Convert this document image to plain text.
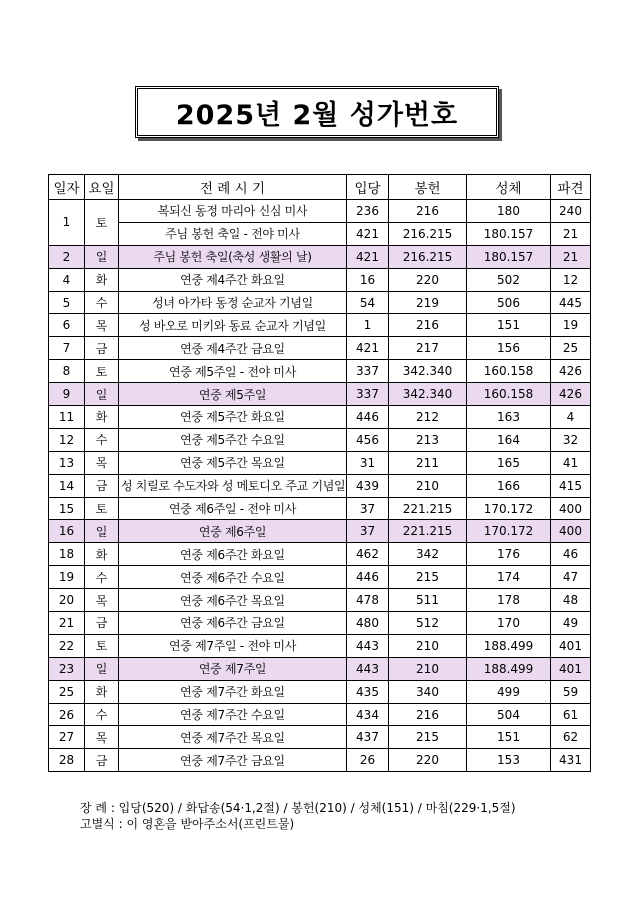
2025년 2월 성가번호
일자	요일	전 례 시 기	입당	봉헌	성체	파견
1	토	복되신 동정 마리아 신심 미사	236	216	180	240
		주님 봉헌 축일 - 전야 미사	421	216.215	180.157	21
2	일	주님 봉헌 축일(축성 생활의 날)	421	216.215	180.157	21
4	화	연중 제4주간 화요일	16	220	502	12
5	수	성녀 아가타 동정 순교자 기념일	54	219	506	445
6	목	성 바오로 미키와 동료 순교자 기념일	1	216	151	19
7	금	연중 제4주간 금요일	421	217	156	25
8	토	연중 제5주일 - 전야 미사	337	342.340	160.158	426
9	일	연중 제5주일	337	342.340	160.158	426
11	화	연중 제5주간 화요일	446	212	163	4
12	수	연중 제5주간 수요일	456	213	164	32
13	목	연중 제5주간 목요일	31	211	165	41
14	금	성 치릴로 수도자와 성 메토디오 주교 기념일	439	210	166	415
15	토	연중 제6주일 - 전야 미사	37	221.215	170.172	400
16	일	연중 제6주일	37	221.215	170.172	400
18	화	연중 제6주간 화요일	462	342	176	46
19	수	연중 제6주간 수요일	446	215	174	47
20	목	연중 제6주간 목요일	478	511	178	48
21	금	연중 제6주간 금요일	480	512	170	49
22	토	연중 제7주일 - 전야 미사	443	210	188.499	401
23	일	연중 제7주일	443	210	188.499	401
25	화	연중 제7주간 화요일	435	340	499	59
26	수	연중 제7주간 수요일	434	216	504	61
27	목	연중 제7주간 목요일	437	215	151	62
28	금	연중 제7주간 금요일	26	220	153	431
장 례 : 입당(520) / 화답송(54·1,2절) / 봉헌(210) / 성체(151) / 마침(229·1,5절)
고별식 : 이 영혼을 받아주소서(프린트물)
